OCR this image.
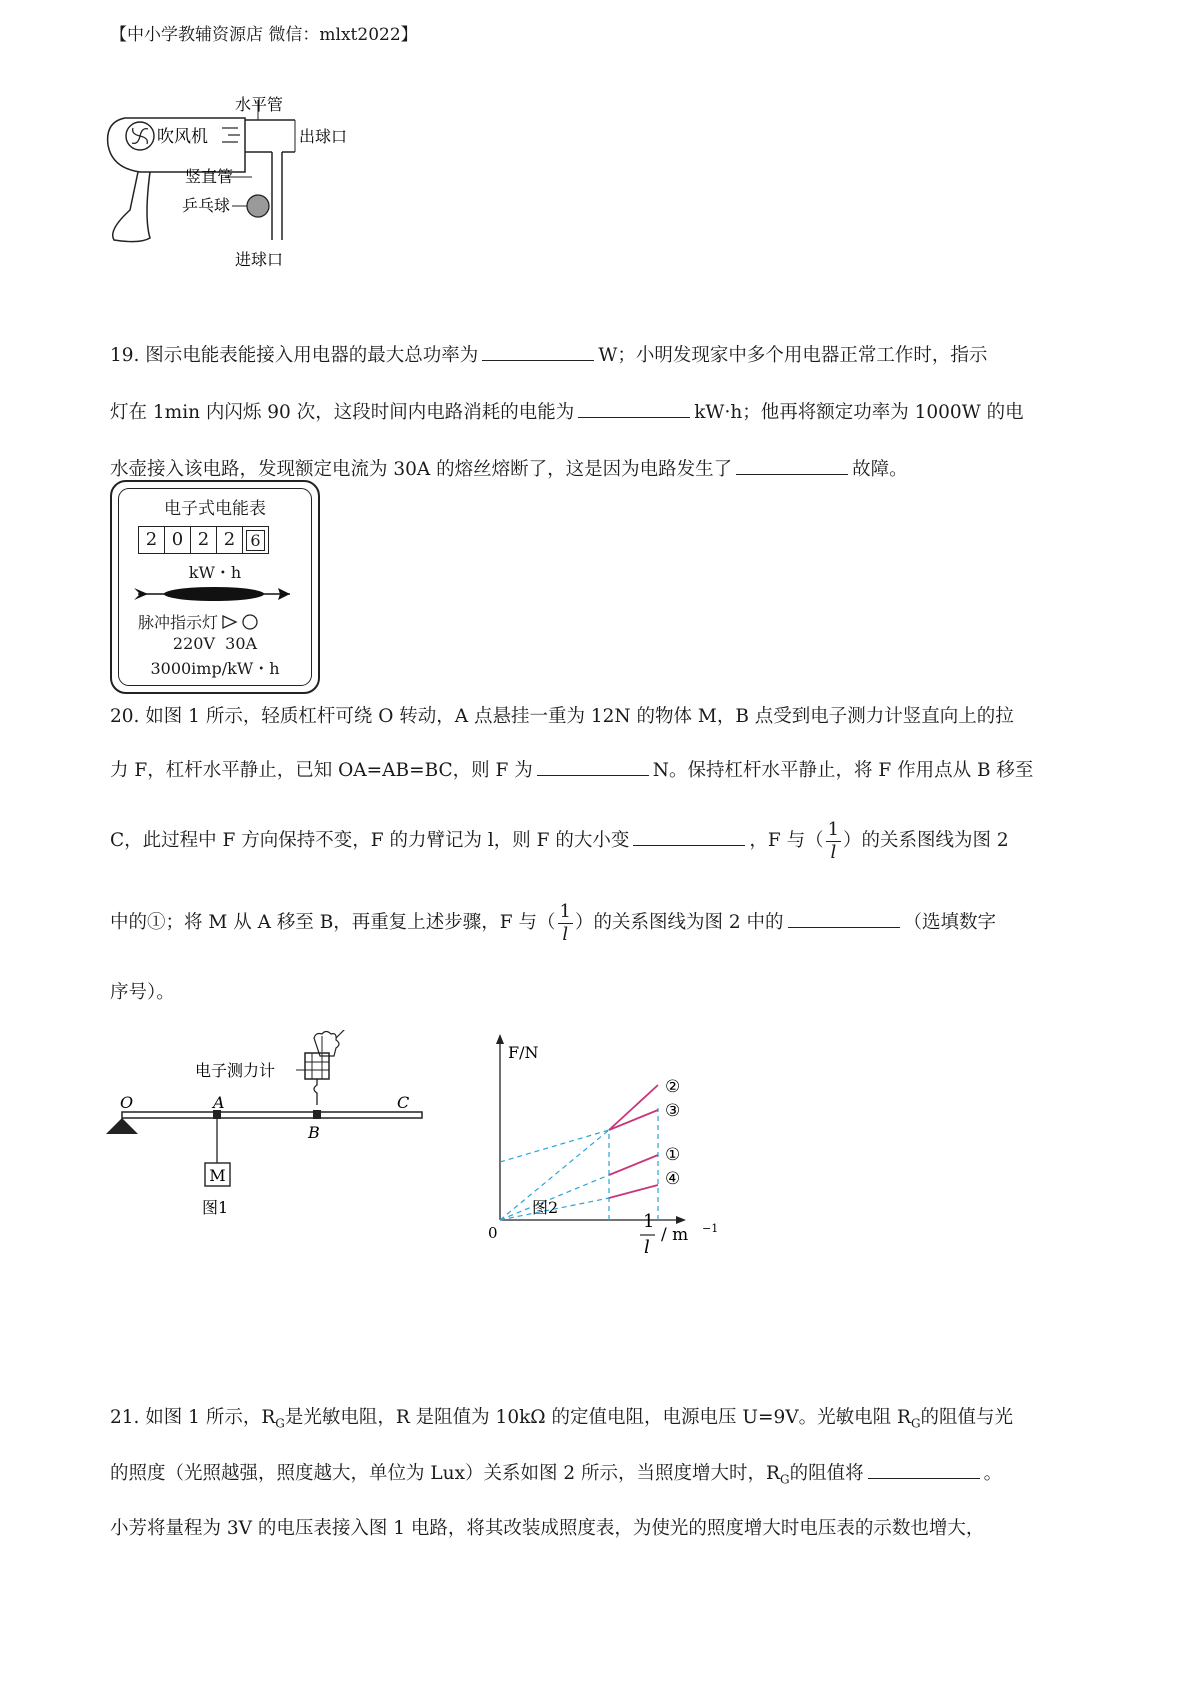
【中小学教辅资源店 微信：mlxt2022】
吹风机
水平管
出球口
竖直管
乒乓球
进球口

19. 图示电能表能接入用电器的最大总功率为	W；小明发现家中多个用电器正常工作时，指示

灯在 1min 内闪烁 90 次，这段时间内电路消耗的电能为	kW·h；他再将额定功率为 1000W 的电

水壶接入该电路，发现额定电流为 30A 的熔丝熔断了，这是因为电路发生了	故障。

电子式电能表
2 0 2 2 6
kW・h
脉冲指示灯
220V  30A
3000imp/kW・h

20. 如图 1 所示，轻质杠杆可绕 O 转动，A 点悬挂一重为 12N 的物体 M，B 点受到电子测力计竖直向上的拉

力 F，杠杆水平静止，已知 OA=AB=BC，则 F 为	N。保持杠杆水平静止，将 F 作用点从 B 移至

C，此过程中 F 方向保持不变，F 的力臂记为 l，则 F 的大小变	，F 与（ $\frac{1}{l}$ ）的关系图线为图 2

中的①；将 M 从 A 移至 B，再重复上述步骤，F 与（ $\frac{1}{l}$ ）的关系图线为图 2 中的	（选填数字

序号）。

电子测力计
M
O	A
B
C
图1
F/N
0
1
l
/ m −1
②
③
①
④
图2

21. 如图 1 所示，$R_G$是光敏电阻，R 是阻值为 10kΩ 的定值电阻，电源电压 U=9V。光敏电阻 $R_G$的阻值与光

的照度（光照越强，照度越大，单位为 Lux）关系如图 2 所示，当照度增大时，$R_G$的阻值将	。

小芳将量程为 3V 的电压表接入图 1 电路，将其改装成照度表，为使光的照度增大时电压表的示数也增大，
